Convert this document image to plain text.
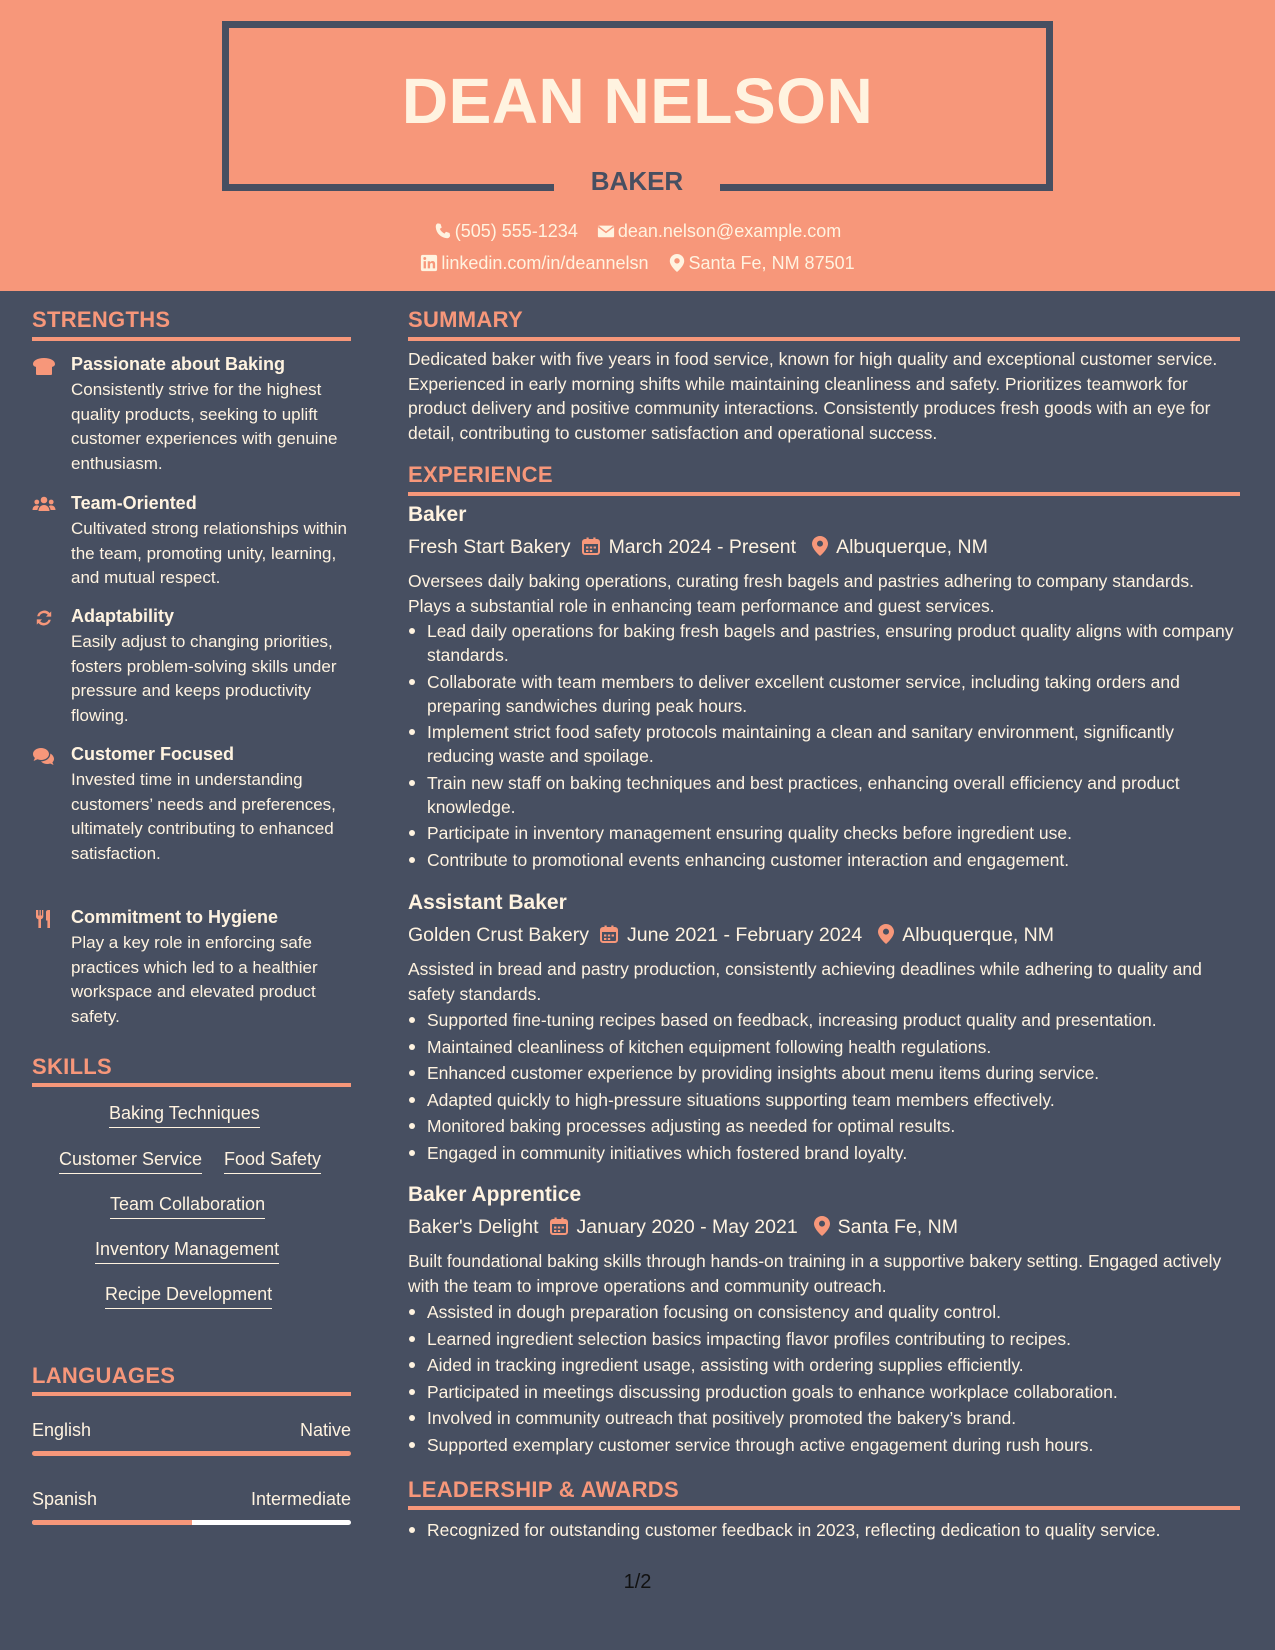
DEAN NELSON
BAKER
(505) 555-1234 dean.nelson@example.com
linkedin.com/in/deannelsn Santa Fe, NM 87501
STRENGTHS
Passionate about Baking
Consistently strive for the highest quality products, seeking to uplift customer experiences with genuine enthusiasm.
Team-Oriented
Cultivated strong relationships within the team, promoting unity, learning, and mutual respect.
Adaptability
Easily adjust to changing priorities, fosters problem-solving skills under pressure and keeps productivity flowing.
Customer Focused
Invested time in understanding customers’ needs and preferences, ultimately contributing to enhanced satisfaction.
Commitment to Hygiene
Play a key role in enforcing safe practices which led to a healthier workspace and elevated product safety.
SKILLS
Baking Techniques
Customer Service Food Safety
Team Collaboration
Inventory Management
Recipe Development
LANGUAGES
English	Native
Spanish	Intermediate
SUMMARY
Dedicated baker with five years in food service, known for high quality and exceptional customer service. Experienced in early morning shifts while maintaining cleanliness and safety. Prioritizes teamwork for product delivery and positive community interactions. Consistently produces fresh goods with an eye for detail, contributing to customer satisfaction and operational success.
EXPERIENCE
Baker
Fresh Start Bakery March 2024 - Present Albuquerque, NM
Oversees daily baking operations, curating fresh bagels and pastries adhering to company standards. Plays a substantial role in enhancing team performance and guest services.
Lead daily operations for baking fresh bagels and pastries, ensuring product quality aligns with company standards.
Collaborate with team members to deliver excellent customer service, including taking orders and preparing sandwiches during peak hours.
Implement strict food safety protocols maintaining a clean and sanitary environment, significantly reducing waste and spoilage.
Train new staff on baking techniques and best practices, enhancing overall efficiency and product knowledge.
Participate in inventory management ensuring quality checks before ingredient use.
Contribute to promotional events enhancing customer interaction and engagement.
Assistant Baker
Golden Crust Bakery June 2021 - February 2024 Albuquerque, NM
Assisted in bread and pastry production, consistently achieving deadlines while adhering to quality and safety standards.
Supported fine-tuning recipes based on feedback, increasing product quality and presentation.
Maintained cleanliness of kitchen equipment following health regulations.
Enhanced customer experience by providing insights about menu items during service.
Adapted quickly to high-pressure situations supporting team members effectively.
Monitored baking processes adjusting as needed for optimal results.
Engaged in community initiatives which fostered brand loyalty.
Baker Apprentice
Baker's Delight January 2020 - May 2021 Santa Fe, NM
Built foundational baking skills through hands-on training in a supportive bakery setting. Engaged actively with the team to improve operations and community outreach.
Assisted in dough preparation focusing on consistency and quality control.
Learned ingredient selection basics impacting flavor profiles contributing to recipes.
Aided in tracking ingredient usage, assisting with ordering supplies efficiently.
Participated in meetings discussing production goals to enhance workplace collaboration.
Involved in community outreach that positively promoted the bakery’s brand.
Supported exemplary customer service through active engagement during rush hours.
LEADERSHIP & AWARDS
Recognized for outstanding customer feedback in 2023, reflecting dedication to quality service.
1/2
